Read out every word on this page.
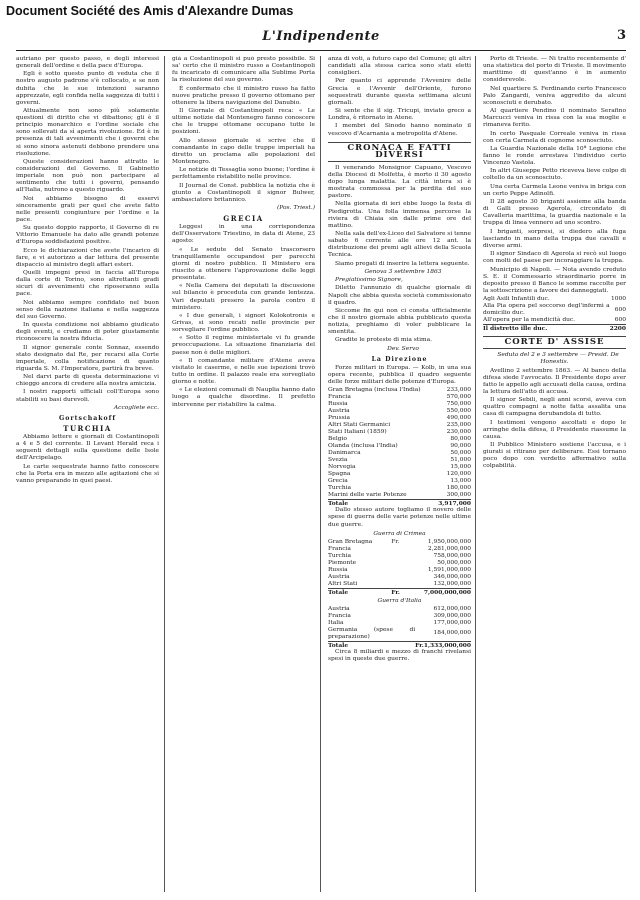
Document Société des Amis d'Alexandre Dumas
L'Indipendente	3

autriano per questo passo, e degli interessi generali dell'ordine e della pace d'Europa.

Egli è sotto questo punto di veduta che il nostro augusto padrone s'è collocato, e se non dubita che le sue intenzioni saranno apprezzate, egli confida nella saggezza di tutti i governi.

Attualmente non sono più solamente questioni di diritto che vi dibattono; gli è il principio monarchico e l'ordine sociale che sono sollevati da sì aperta rivoluzione. Ed è in presenza di tali avvenimenti che i governi che si sono sinora astenuti debbono prendere una risoluzione.

Queste considerazioni hanno attratto le considerazioni del Governo. Il Gabinetto imperiale non può non partecipare al sentimento che tutti i governi, pensando all'Italia, nutrono a questo riguardo.

Noi abbiamo bisogno di esservi sinceramente grati per quel che avete fatto nelle presenti congiunture per l'ordine e la pace.

Su questo doppio rapporto, il Governo di re Vittorio Emanuele ha dato alle grandi potenze d'Europa soddisfazioni positive.

Ecco le dichiarazioni che avete l'incarico di fare, e vi autorizzo a dar lettura del presente dispaccio al ministro degli affari esteri.

Quelli impegni presi in faccia all'Europa dalla corte di Torino, sono altrettanti gradi sicuri di avvenimenti che riposeranno sulla pace.

Noi abbiamo sempre confidato nel buon senso della nazione italiana e nella saggezza del suo Governo.

In questa condizione noi abbiamo giudicato degli eventi, e crediamo di poter giustamente riconoscere la nostra fiducia.

Il signor generale conte Sonnaz, essendo stato designato dal Re, per recarsi alla Corte imperiale, colla notificazione di quanto riguarda S. M. l'Imperatore, partirà fra breve.

Nel darvi parte di questa determinazione vi chieggo ancora di credere alla nostra amicizia.

I nostri rapporti ufficiali coll'Europa sono stabiliti su basi durevoli.

Accogliete ecc.

Gortschakoff
TURCHIA

Abbiamo lettere e giornali di Costantinopoli a 4 e 5 del corrente. Il Levant Herald reca i seguenti dettagli sulla questione delle Isole dell'Arcipelago.

Le carte sequestrate hanno fatto conoscere che la Porta era in mezzo alle agitazioni che si vanno preparando in quei paesi.

già a Costantinopoli si può presto possibile. Si sa' certo che il ministro russo a Costantinopoli fu incaricato di comunicare alla Sublime Porta la risoluzione del suo governo.

È confermato che il ministro russo ha fatto nuove pratiche presso il governo ottomano per ottenere la libera navigazione del Danubio.

Il Giornale di Costantinopoli reca: « Le ultime notizie dal Montenegro fanno conoscere che le truppe ottomane occupano tutte le posizioni.

Allo stesso giornale si scrive che il comandante in capo delle truppe imperiali ha diretto un proclama alle popolazioni del Montenegro.

Le notizie di Tessaglia sono buone; l'ordine è perfettamente ristabilito nelle province.

Il Journal de Const. pubblica la notizia che è giunto a Costantinopoli il signor Bulwer, ambasciatore britannico.

(Pos. Triest.)

GRECIA

Leggesi in una corrispondenza dell'Osservatore Triestino, in data di Atene, 23 agosto:

« Le sedute del Senato trascorsero tranquillamente occupandosi per parecchi giorni di nostro pubblico. Il Ministero era riuscito a ottenere l'approvazione delle leggi presentate.

« Nella Camera dei deputati la discussione sul bilancio è proceduta con grande lentezza. Vari deputati presero la parola contro il ministero.

« I due generali, i signori Kolokotronis e Grivas, si sono recati nelle provincie per sorvegliare l'ordine pubblico.

« Sotto il regime ministeriale vi fu grande preoccupazione. La situazione finanziaria del paese non è delle migliori.

« Il comandante militare d'Atene aveva visitato le caserme, e nelle sue ispezioni trovò tutto in ordine. Il palazzo reale era sorvegliato giorno e notte.

« Le elezioni comunali di Nauplia hanno dato luogo a qualche disordine. Il prefetto intervenne per ristabilire la calma.

anza di voti, a futuro capo del Comune; gli altri candidati alla stessa carica sono stati eletti consiglieri.

Per quanto ci apprende l'Avvenire delle Grecia e l'Avvenir dell'Oriente, furono sequestrati durante questa settimana alcuni giornali.

Si sente che il sig. Tricupi, inviato greco a Londra, è ritornato in Atene.

I membri del Sinodo hanno nominato il vescovo d'Acarnania a metropolita d'Atene.

CRONACA E FATTI DIVERSI

Il venerando Monsignor Capuano, Vescovo della Diocesi di Molfetta, è morto il 30 agosto dopo lunga malattia. La città intera si è mostrata commossa per la perdita del suo pastore.

Nella giornata di ieri ebbe luogo la festa di Piedigrotta. Una folla immensa percorse la riviera di Chiaia sin dalle prime ore del mattino.

Nella sala dell'ex-Liceo del Salvatore si tenne sabato 6 corrente alle ore 12 ant. la distribuzione dei premi agli allievi della Scuola Tecnica.

Siamo pregati di inserire la lettera seguente.

Genova 3 settembre 1863

Pregiatissimo Signore,

Diletto l'annunzio di qualche giornale di Napoli che abbia questa società commissionato il quadro.

Siccome fin qui non ci consta ufficialmente che il nostro giornale abbia pubblicato questa notizia, preghiamo di voler pubblicare la smentita.

Gradite le proteste di mia stima.

Dev. Servo

La Direzione

Forze militari in Europa. — Kolb, in una sua opera recente, pubblica il quadro seguente delle forze militari delle potenze d'Europa.

Gran Bretagna (inclusa l'India)	233,000
Francia	570,000
Russia	750,000
Austria	550,000
Prussia	490,000
Altri Stati Germanici	235,000
Stati Italiani (1859)	230,000
Belgio	80,000
Olanda (inclusa l'India)	90,000
Danimarca	50,000
Svezia	51,000
Norvegia	15,000
Spagna	120,000
Grecia	13,000
Turchia	180,000
Marini delle varie Potenze	300,000
Totale	3,917,000

Dallo stesso autore togliamo il novero delle spese di guerra delle varie potenze nelle ultime due guerre.

Guerra di Crimea
Gran Bretagna	Fr.	1,950,000,000
Francia		2,281,000,000
Turchia		758,000,000
Piemonte		50,000,000
Russia		1,591,000,000
Austria		346,000,000
Altri Stati		132,000,000
Totale	Fr.	7,000,000,000
Guerra d'Italia
Austria		612,000,000
Francia		309,000,000
Italia		177,000,000
Germania (spese di preparazione)		184,000,000
Totale	Fr.	1,333,000,000

Circa 8 miliardi e mezzo di franchi rivelansi spesi in queste due guerre.

Porto di Trieste. — Ni tratto recentemente d' una statistica del porto di Trieste. Il movimento marittimo di quest'anno è in aumento considerevole.

Nel quartiere S. Ferdinando certo Francesco Palo Zangardi, veniva aggredito da alcuni sconosciuti e derubato.

Al quartiere Pendino il nominato Serafino Marcucci veniva in rissa con la sua moglie e rimaneva ferito.

In certo Pasquale Correale veniva in rissa con certa Carmela di cognome sconosciuto.

La Guardia Nazionale della 10ª Legione che fanno le ronde arrestava l'individuo certo Vincenzo Vastola.

In altri Giuseppe Petto riceveva lieve colpo di coltello da un sconosciuto.

Una certa Carmela Leone veniva in briga con un certo Peppe Adinolfi.

Il 28 agosto 30 briganti assieme alla banda di Galli presso Agerola, circondato di Cavalleria marittima, la guardia nazionale e la truppa di linea vennero ad uno scontro.

I briganti, sorpresi, si diedero alla fuga lasciando in mano della truppa due cavalli e diverse armi.

Il signor Sindaco di Agerola si recò sul luogo con molti del paese per incoraggiare la truppa.

Municipio di Napoli. — Nota avendo creduto S. E. il Commessario straordinario porre in deposito presso il Banco le somme raccolte per la sottoscrizione a favore dei danneggiati.

Agli Asili Infantili duc.	1000
Alla Pia opera pel soccorso degl'infermi a domicilio duc.	600
All'opera per la mendicità duc.	600
Il distretto ille duc.	2200
CORTE D' ASSISE

Seduta del 2 e 3 settembre — Presid. De Honestis.

Avellino 2 settembre 1863. — Al banco della difesa siede l'avvocato. Il Presidente dopo aver fatto le appello agli accusati della causa, ordina la lettura dell'atto di accusa.

Il signor Sebili, negli anni scorsi, aveva con quattro compagni a notte fatta assalita una casa di campagna derubandola di tutto.

I testimoni vengono ascoltati e dopo le arringhe della difesa, il Presidente riassume la causa.

Il Pubblico Ministero sostiene l'accusa, e i giurati si ritirano per deliberare. Essi tornano poco dopo con verdetto affermativo sulla colpabilità.
